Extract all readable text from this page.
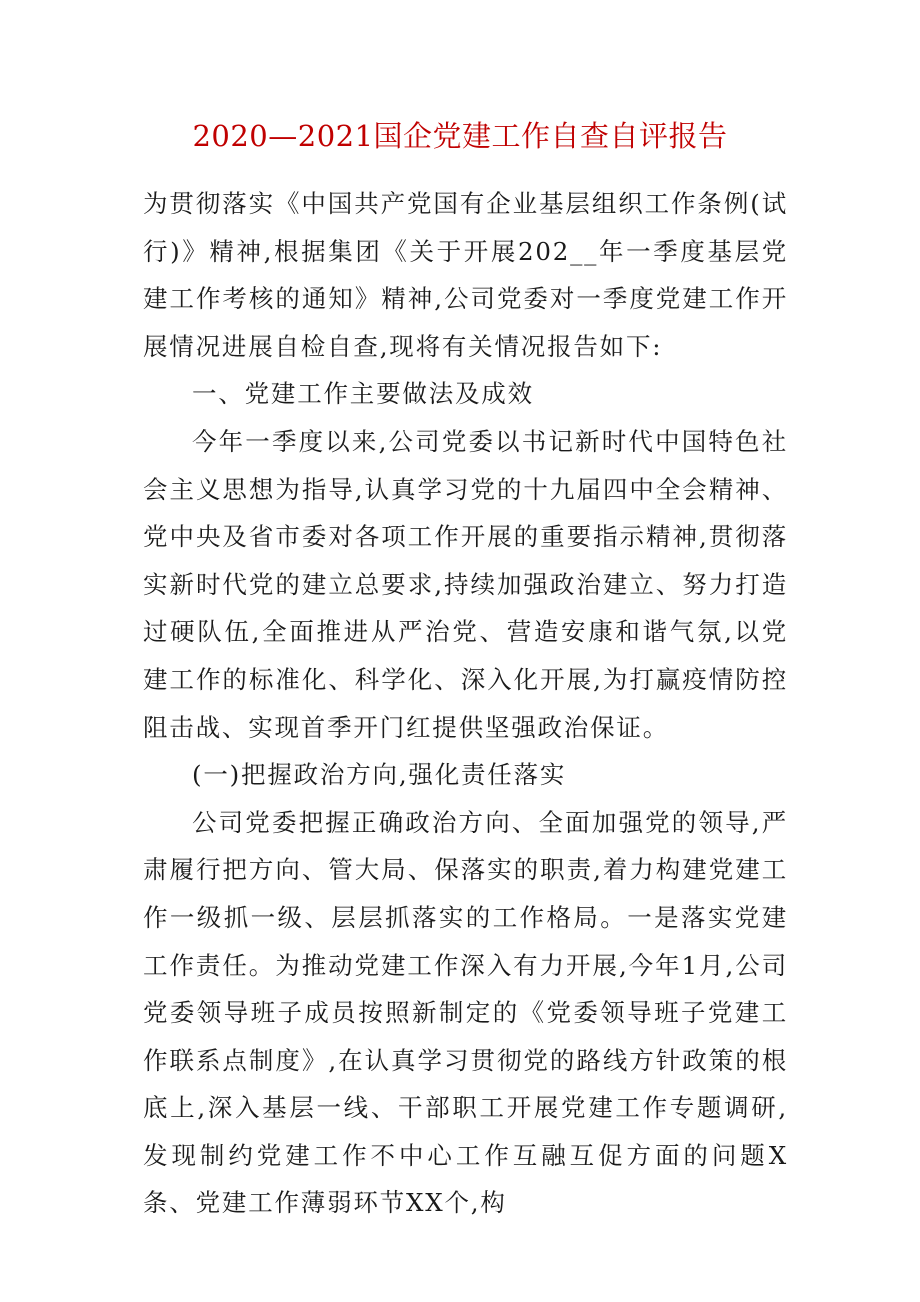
2020—2021国企党建工作自查自评报告

为贯彻落实《中国共产党国有企业基层组织工作条例(试行)》精神,根据集团《关于开展202__年一季度基层党建工作考核的通知》精神,公司党委对一季度党建工作开展情况进展自检自查,现将有关情况报告如下:

一、党建工作主要做法及成效

今年一季度以来,公司党委以书记新时代中国特色社会主义思想为指导,认真学习党的十九届四中全会精神、党中央及省市委对各项工作开展的重要指示精神,贯彻落实新时代党的建立总要求,持续加强政治建立、努力打造过硬队伍,全面推进从严治党、营造安康和谐气氛,以党建工作的标准化、科学化、深入化开展,为打赢疫情防控阻击战、实现首季开门红提供坚强政治保证。

(一)把握政治方向,强化责任落实

公司党委把握正确政治方向、全面加强党的领导,严肃履行把方向、管大局、保落实的职责,着力构建党建工作一级抓一级、层层抓落实的工作格局。一是落实党建工作责任。为推动党建工作深入有力开展,今年1月,公司党委领导班子成员按照新制定的《党委领导班子党建工作联系点制度》,在认真学习贯彻党的路线方针政策的根底上,深入基层一线、干部职工开展党建工作专题调研,发现制约党建工作不中心工作互融互促方面的问题X条、党建工作薄弱环节XX个,构
